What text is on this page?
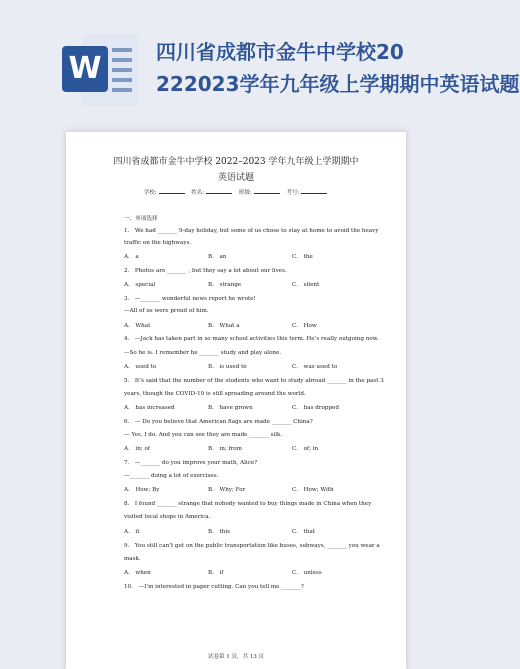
W	四川省成都市金牛中学校20
222023学年九年级上学期期中英语试题
四川省成都市金牛中学校 2022–2023 学年九年级上学期期中
英语试题
学校:	姓名:	班级:	考号:
一、单项选择
1． We had _______ 9-day holiday, but some of us chose to stay at home to avoid the heavy
traffic on the highways.
A． a	B． an	C． the
2． Photos are _______ , but they say a lot about our lives.
A． special	B． strange	C． silent
3． —_______ wonderful news report he wrote!
—All of us were proud of him.
A． What	B． What a	C． How
4． —Jack has taken part in so many school activities this term. He’s really outgoing now.
—So he is. I remember he _______ study and play alone.
A． used to	B． is used to	C． was used to
5． It’s said that the number of the students who want to study abroad _______ in the past 3
years, though the COVID-19 is still spreading around the world.
A． has increased	B． have grown	C． has dropped
6． — Do you believe that American flags are made _______ China?
— Yes, I do. And you can see they are made _______ silk.
A． in; of	B． in; from	C． of; in
7． —_______ do you improve your math, Alice?
—_______ doing a lot of exercises.
A． How; By	B． Why; For	C． How; With
8． I found _______ strange that nobody wanted to buy things made in China when they
visited local shops in America.
A． it	B． this	C． that
9． You still can’t get on the public transportation like buses, subways, _______ you wear a
mask.
A． when	B． if	C． unless
10． —I’m interested in paper cutting. Can you tell me _______?
试卷第 1 页，共 13 页
